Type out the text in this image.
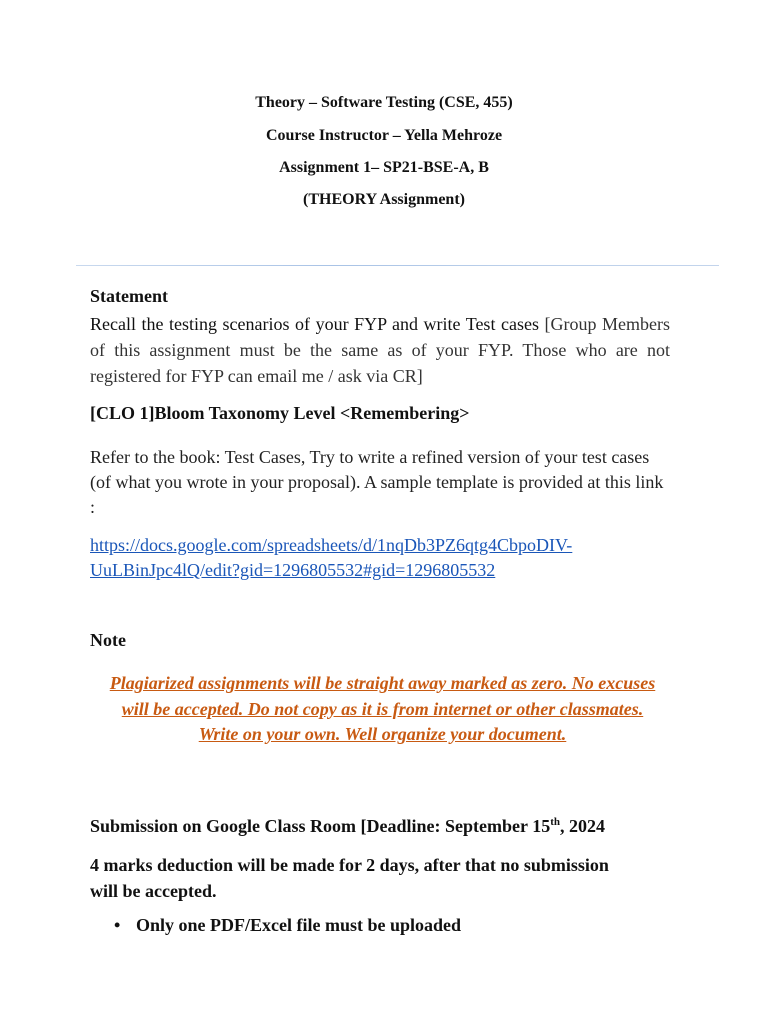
Theory – Software Testing (CSE, 455)
Course Instructor – Yella Mehroze
Assignment 1– SP21-BSE-A, B
(THEORY Assignment)
Statement
Recall the testing scenarios of your FYP and write Test cases [Group Members of this assignment must be the same as of your FYP. Those who are not registered for FYP can email me / ask via CR]
[CLO 1]Bloom Taxonomy Level <Remembering>
Refer to the book: Test Cases, Try to write a refined version of your test cases (of what you wrote in your proposal). A sample template is provided at this link :
https://docs.google.com/spreadsheets/d/1nqDb3PZ6qtg4CbpoDIV-
UuLBinJpc4lQ/edit?gid=1296805532#gid=1296805532
Note
Plagiarized assignments will be straight away marked as zero. No excuses will be accepted. Do not copy as it is from internet or other classmates. Write on your own. Well organize your document.
Submission on Google Class Room [Deadline: September 15th, 2024
4 marks deduction will be made for 2 days, after that no submission will be accepted.
• Only one PDF/Excel file must be uploaded
